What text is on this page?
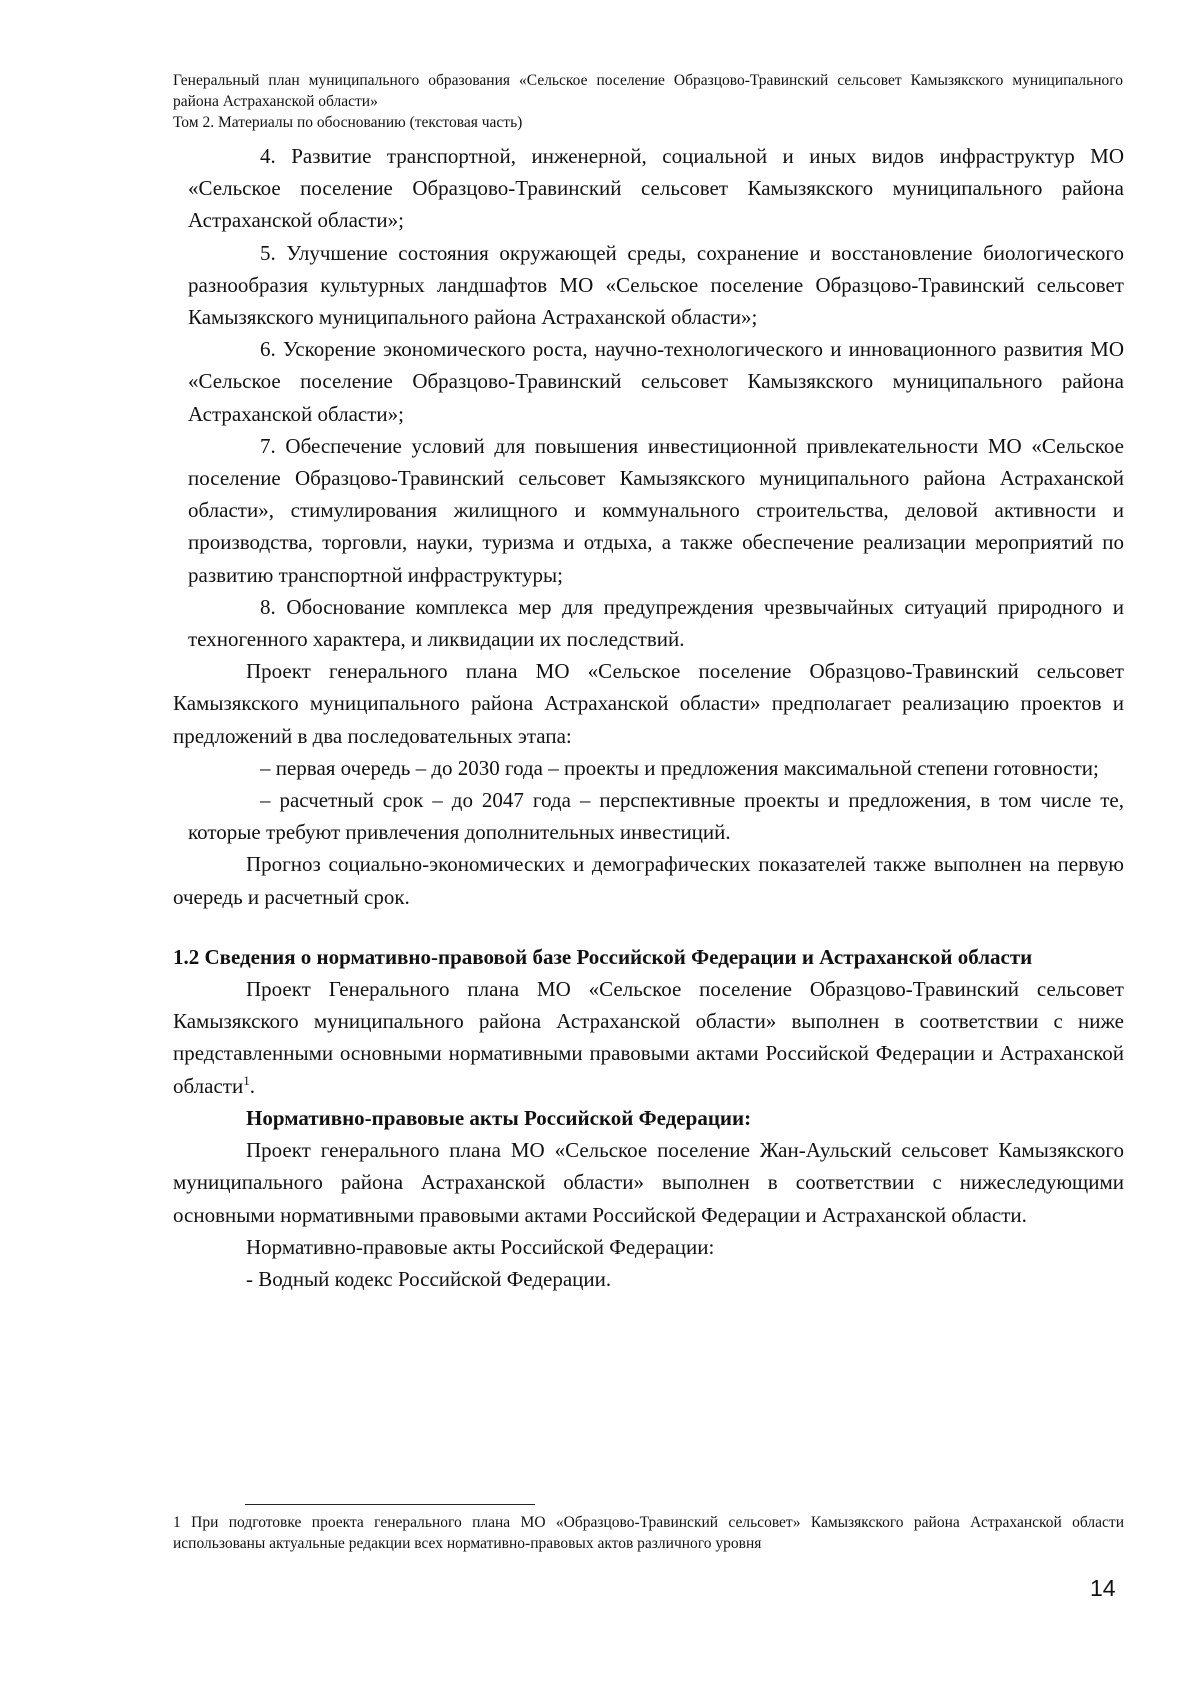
Генеральный план муниципального образования «Сельское поселение Образцово-Травинский сельсовет Камызякского муниципального района Астраханской области»
Том 2. Материалы по обоснованию (текстовая часть)

4. Развитие транспортной, инженерной, социальной и иных видов инфраструктур МО «Сельское поселение Образцово-Травинский сельсовет Камызякского муниципального района Астраханской области»;

5. Улучшение состояния окружающей среды, сохранение и восстановление биологического разнообразия культурных ландшафтов МО «Сельское поселение Образцово-Травинский сельсовет Камызякского муниципального района Астраханской области»;

6. Ускорение экономического роста, научно-технологического и инновационного развития МО «Сельское поселение Образцово-Травинский сельсовет Камызякского муниципального района Астраханской области»;

7. Обеспечение условий для повышения инвестиционной привлекательности МО «Сельское поселение Образцово-Травинский сельсовет Камызякского муниципального района Астраханской области», стимулирования жилищного и коммунального строительства, деловой активности и производства, торговли, науки, туризма и отдыха, а также обеспечение реализации мероприятий по развитию транспортной инфраструктуры;

8. Обоснование комплекса мер для предупреждения чрезвычайных ситуаций природного и техногенного характера, и ликвидации их последствий.

Проект генерального плана МО «Сельское поселение Образцово-Травинский сельсовет Камызякского муниципального района Астраханской области» предполагает реализацию проектов и предложений в два последовательных этапа:

– первая очередь – до 2030 года – проекты и предложения максимальной степени готовности;

– расчетный срок – до 2047 года – перспективные проекты и предложения, в том числе те, которые требуют привлечения дополнительных инвестиций.

Прогноз социально-экономических и демографических показателей также выполнен на первую очередь и расчетный срок.

1.2 Сведения о нормативно-правовой базе Российской Федерации и Астраханской области

Проект Генерального плана МО «Сельское поселение Образцово-Травинский сельсовет Камызякского муниципального района Астраханской области» выполнен в соответствии с ниже представленными основными нормативными правовыми актами Российской Федерации и Астраханской области$^1$.

Нормативно-правовые акты Российской Федерации:

Проект генерального плана МО «Сельское поселение Жан-Аульский сельсовет Камызякского муниципального района Астраханской области» выполнен в соответствии с нижеследующими основными нормативными правовыми актами Российской Федерации и Астраханской области.

Нормативно-правовые акты Российской Федерации:

- Водный кодекс Российской Федерации.

1 При подготовке проекта генерального плана МО «Образцово-Травинский сельсовет» Камызякского района Астраханской области использованы актуальные редакции всех нормативно-правовых актов различного уровня
14
